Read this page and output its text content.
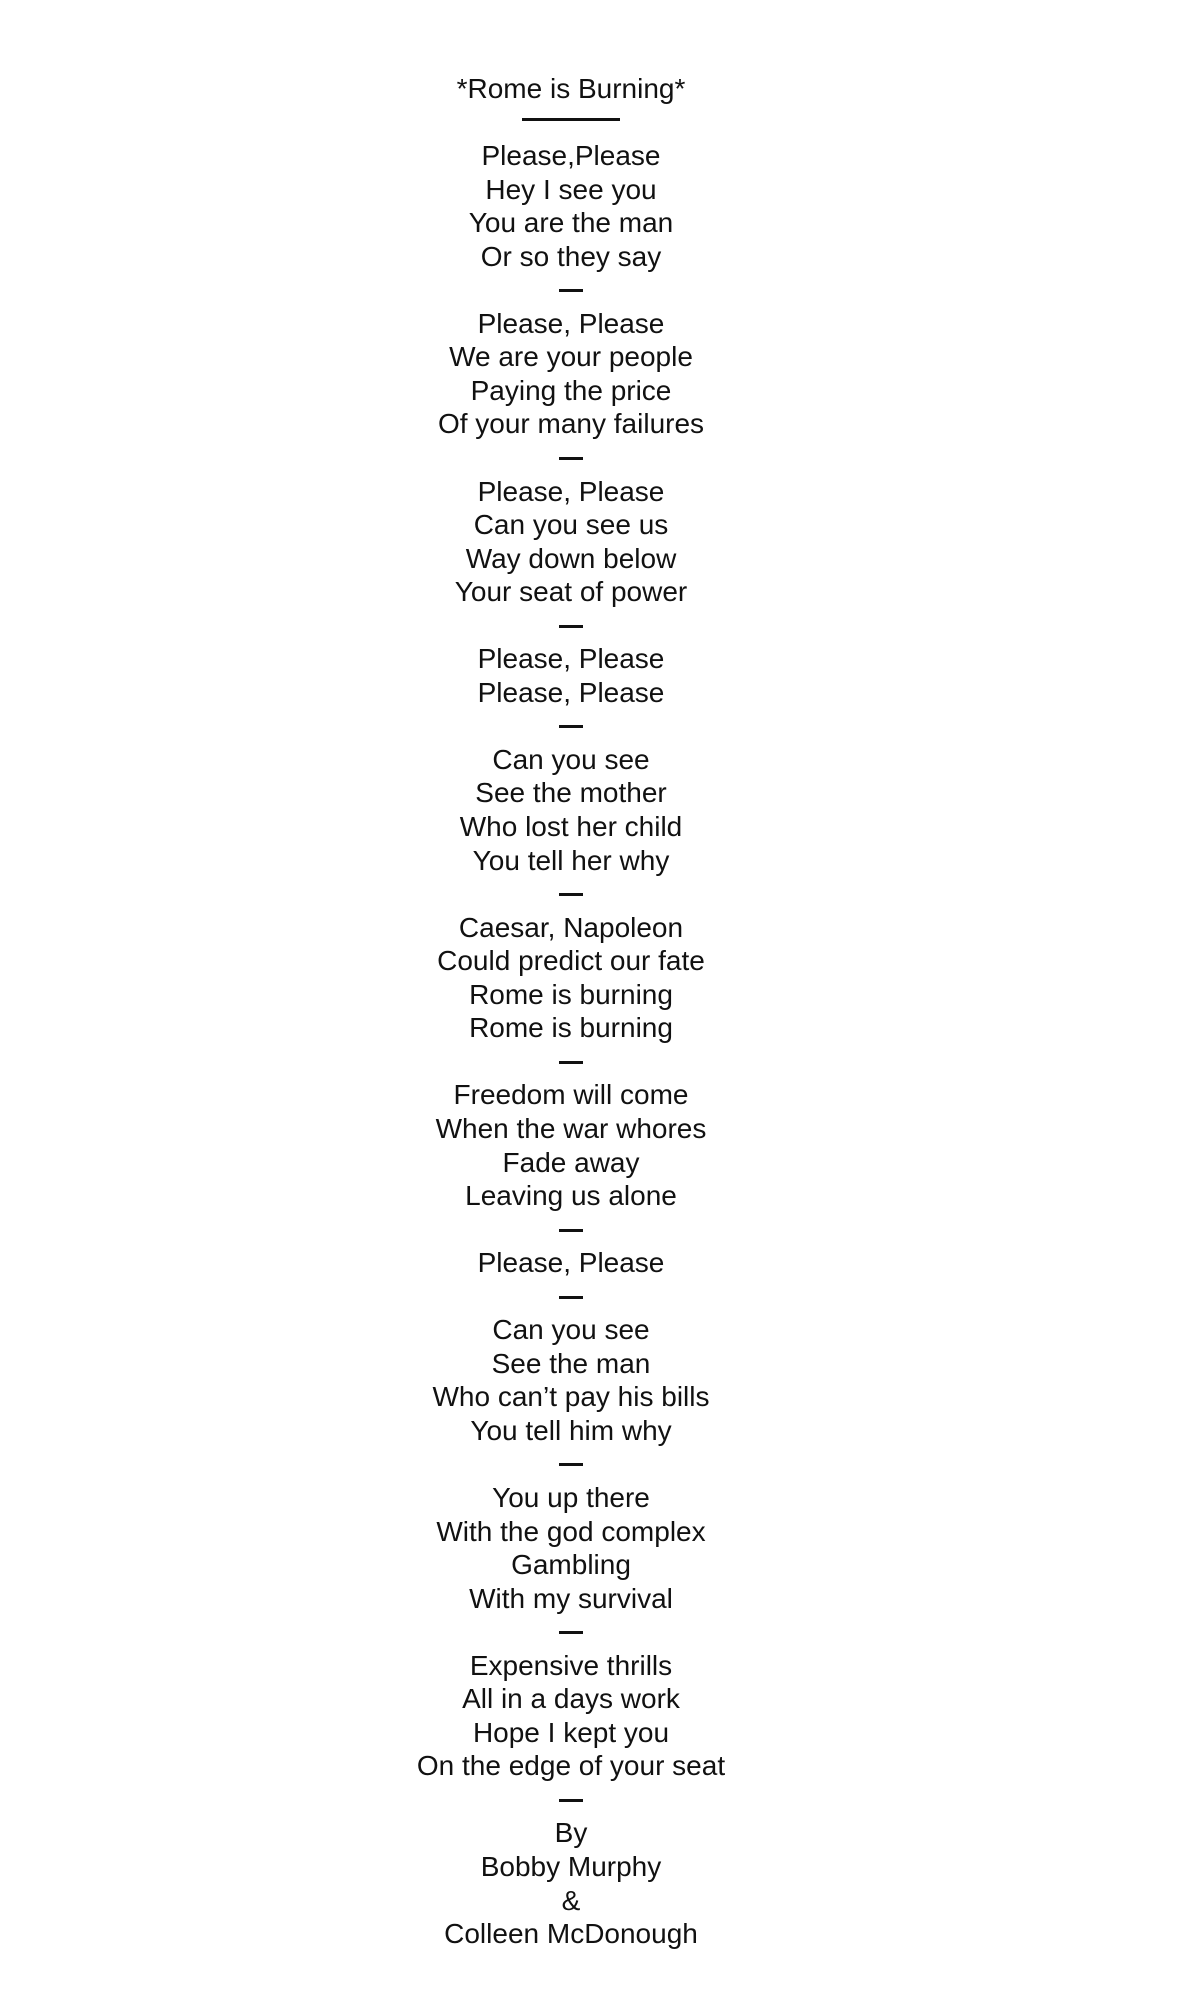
*Rome is Burning*
Please,Please
Hey I see you
You are the man
Or so they say
Please, Please
We are your people
Paying the price
Of your many failures
Please, Please
Can you see us
Way down below
Your seat of power
Please, Please
Please, Please
Can you see
See the mother
Who lost her child
You tell her why
Caesar, Napoleon
Could predict our fate
Rome is burning
Rome is burning
Freedom will come
When the war whores
Fade away
Leaving us alone
Please, Please
Can you see
See the man
Who can’t pay his bills
You tell him why
You up there
With the god complex
Gambling
With my survival
Expensive thrills
All in a days work
Hope I kept you
On the edge of your seat
By
Bobby Murphy
&
Colleen McDonough
